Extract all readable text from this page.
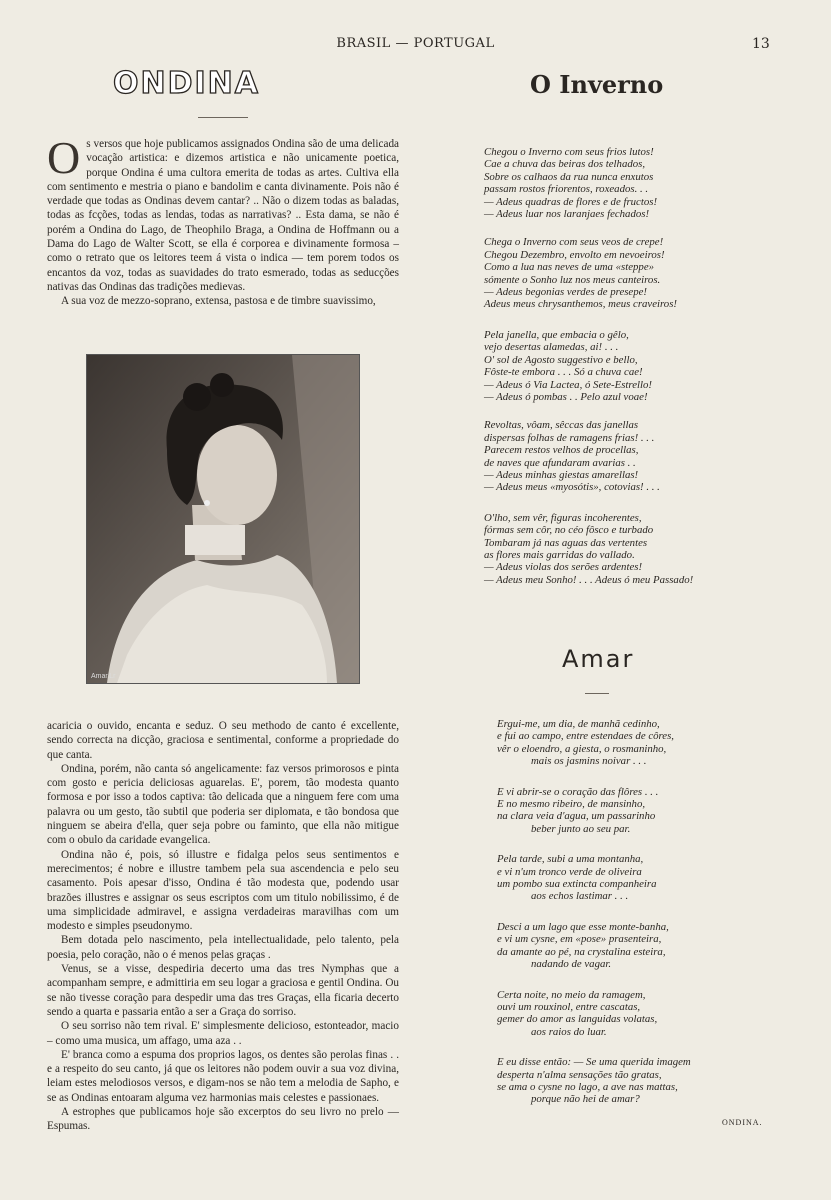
BRASIL — PORTUGAL	13
ONDINA
O s versos que hoje publicamos assignados Ondina são de uma delicada vocação artistica: e dizemos artistica e não unicamente poetica, porque Ondina é uma cultora emerita de todas as artes. Cultiva ella com sentimento e mestria o piano e bandolim e canta divinamente. Pois não é verdade que todas as Ondinas devem cantar? .. Não o dizem todas as baladas, todas as fcções, todas as lendas, todas as narrativas? .. Esta dama, se não é porém a Ondina do Lago, de Theophilo Braga, a Ondina de Hoffmann ou a Dama do Lago de Walter Scott, se ella é corporea e divinamente formosa – como o retrato que os leitores teem á vista o indica — tem porem todos os encantos da voz, todas as suavidades do trato esmerado, todas as seducções nativas das Ondinas das tradições medievas.

A sua voz de mezzo-soprano, extensa, pastosa e de timbre suavissimo,

Amar.Lr

acaricia o ouvido, encanta e seduz. O seu methodo de canto é excellente, sendo correcta na dicção, graciosa e sentimental, conforme a propriedade do que canta.

Ondina, porém, não canta só angelicamente: faz versos primorosos e pinta com gosto e pericia deliciosas aguarelas. E', porem, tão modesta quanto formosa e por isso a todos captiva: tão delicada que a ninguem fere com uma palavra ou um gesto, tão subtil que poderia ser diplomata, e tão bondosa que ninguem se abeira d'ella, quer seja pobre ou faminto, que ella não mitigue com o obulo da caridade evangelica.

Ondina não é, pois, só illustre e fidalga pelos seus sentimentos e merecimentos; é nobre e illustre tambem pela sua ascendencia e pelo seu casamento. Pois apesar d'isso, Ondina é tão modesta que, podendo usar brazões illustres e assignar os seus escriptos com um titulo nobilissimo, é de uma simplicidade admiravel, e assigna verdadeiras maravilhas com um modesto e simples pseudonymo.

Bem dotada pelo nascimento, pela intellectualidade, pelo talento, pela poesia, pelo coração, não o é menos pelas graças .

Venus, se a visse, despediria decerto uma das tres Nymphas que a acompanham sempre, e admittiria em seu logar a graciosa e gentil Ondina. Ou se não tivesse coração para despedir uma das tres Graças, ella ficaria decerto sendo a quarta e passaria então a ser a Graça do sorriso.

O seu sorriso não tem rival. E' simplesmente delicioso, estonteador, macio – como uma musica, um affago, uma aza . .

E' branca como a espuma dos proprios lagos, os dentes são perolas finas . . e a respeito do seu canto, já que os leitores não podem ouvir a sua voz divina, leiam estes melodiosos versos, e digam-nos se não tem a melodia de Sapho, e se as Ondinas entoaram alguma vez harmonias mais celestes e passionaes.

A estrophes que publicamos hoje são excerptos do seu livro no prelo — Espumas.

O Inverno
Chegou o Inverno com seus frios lutos!
Cae a chuva das beiras dos telhados,
Sobre os calhaos da rua nunca enxutos
passam rostos friorentos, roxeados. . .
— Adeus quadras de flores e de fructos!
— Adeus luar nos laranjaes fechados!
Chega o Inverno com seus veos de crepe!
Chegou Dezembro, envolto em nevoeiros!
Como a lua nas neves de uma «steppe»
sómente o Sonho luz nos meus canteiros.
— Adeus begonias verdes de presepe!
Adeus meus chrysanthemos, meus craveiros!
Pela janella, que embacia o gêlo,
vejo desertas alamedas, ai! . . .
O' sol de Agosto suggestivo e bello,
Fôste-te embora . . . Só a chuva cae!
— Adeus ó Via Lactea, ó Sete-Estrello!
— Adeus ó pombas . . Pelo azul voae!
Revoltas, vôam, sêccas das janellas
dispersas folhas de ramagens frias! . . .
Parecem restos velhos de procellas,
de naves que afundaram avarias . .
— Adeus minhas giestas amarellas!
— Adeus meus «myosótis», cotovias! . . .
O'lho, sem vêr, figuras incoherentes,
fórmas sem côr, no céo fôsco e turbado
Tombaram já nas aguas das vertentes
as flores mais garridas do vallado.
— Adeus violas dos serões ardentes!
— Adeus meu Sonho! . . . Adeus ó meu Passado!
Amar
Ergui-me, um dia, de manhã cedinho,
e fui ao campo, entre estendaes de côres,
vêr o eloendro, a giesta, o rosmaninho,
mais os jasmins noivar . . .
E vi abrir-se o coração das flôres . . .
E no mesmo ribeiro, de mansinho,
na clara veia d'agua, um passarinho
beber junto ao seu par.
Pela tarde, subi a uma montanha,
e vi n'um tronco verde de oliveira
um pombo sua extincta companheira
aos echos lastimar . . .
Desci a um lago que esse monte-banha,
e vi um cysne, em «pose» prasenteira,
da amante ao pé, na crystalina esteira,
nadando de vagar.
Certa noite, no meio da ramagem,
ouvi um rouxinol, entre cascatas,
gemer do amor as languidas volatas,
aos raios do luar.
E eu disse então: — Se uma querida imagem
desperta n'alma sensações tão gratas,
se ama o cysne no lago, a ave nas mattas,
porque não hei de amar?
ONDINA.
